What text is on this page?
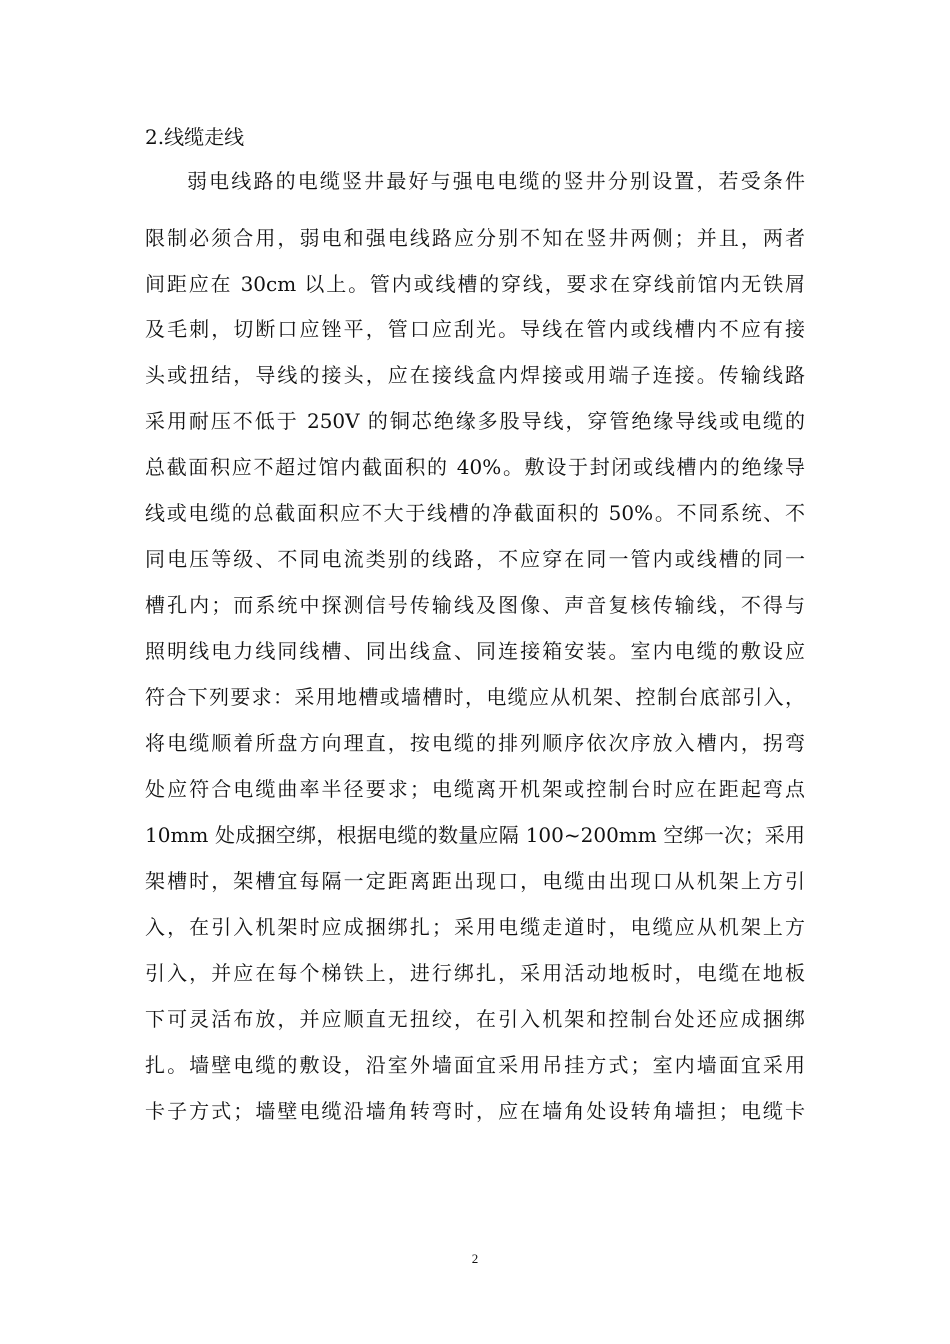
2.线缆走线
弱电线路的电缆竖井最好与强电电缆的竖井分别设置，若受条件
限制必须合用，弱电和强电线路应分别不知在竖井两侧；并且，两者
间距应在 30cm 以上。管内或线槽的穿线，要求在穿线前馆内无铁屑
及毛刺，切断口应锉平，管口应刮光。导线在管内或线槽内不应有接
头或扭结，导线的接头，应在接线盒内焊接或用端子连接。传输线路
采用耐压不低于 250V 的铜芯绝缘多股导线，穿管绝缘导线或电缆的
总截面积应不超过馆内截面积的 40%。敷设于封闭或线槽内的绝缘导
线或电缆的总截面积应不大于线槽的净截面积的 50%。不同系统、不
同电压等级、不同电流类别的线路，不应穿在同一管内或线槽的同一
槽孔内；而系统中探测信号传输线及图像、声音复核传输线，不得与
照明线电力线同线槽、同出线盒、同连接箱安装。室内电缆的敷设应
符合下列要求：采用地槽或墙槽时，电缆应从机架、控制台底部引入，
将电缆顺着所盘方向理直，按电缆的排列顺序依次序放入槽内，拐弯
处应符合电缆曲率半径要求；电缆离开机架或控制台时应在距起弯点
10mm 处成捆空绑，根据电缆的数量应隔 100~200mm 空绑一次；采用
架槽时，架槽宜每隔一定距离距出现口，电缆由出现口从机架上方引
入，在引入机架时应成捆绑扎；采用电缆走道时，电缆应从机架上方
引入，并应在每个梯铁上，进行绑扎，采用活动地板时，电缆在地板
下可灵活布放，并应顺直无扭绞，在引入机架和控制台处还应成捆绑
扎。墙壁电缆的敷设，沿室外墙面宜采用吊挂方式；室内墙面宜采用
卡子方式；墙壁电缆沿墙角转弯时，应在墙角处设转角墙担；电缆卡
2
